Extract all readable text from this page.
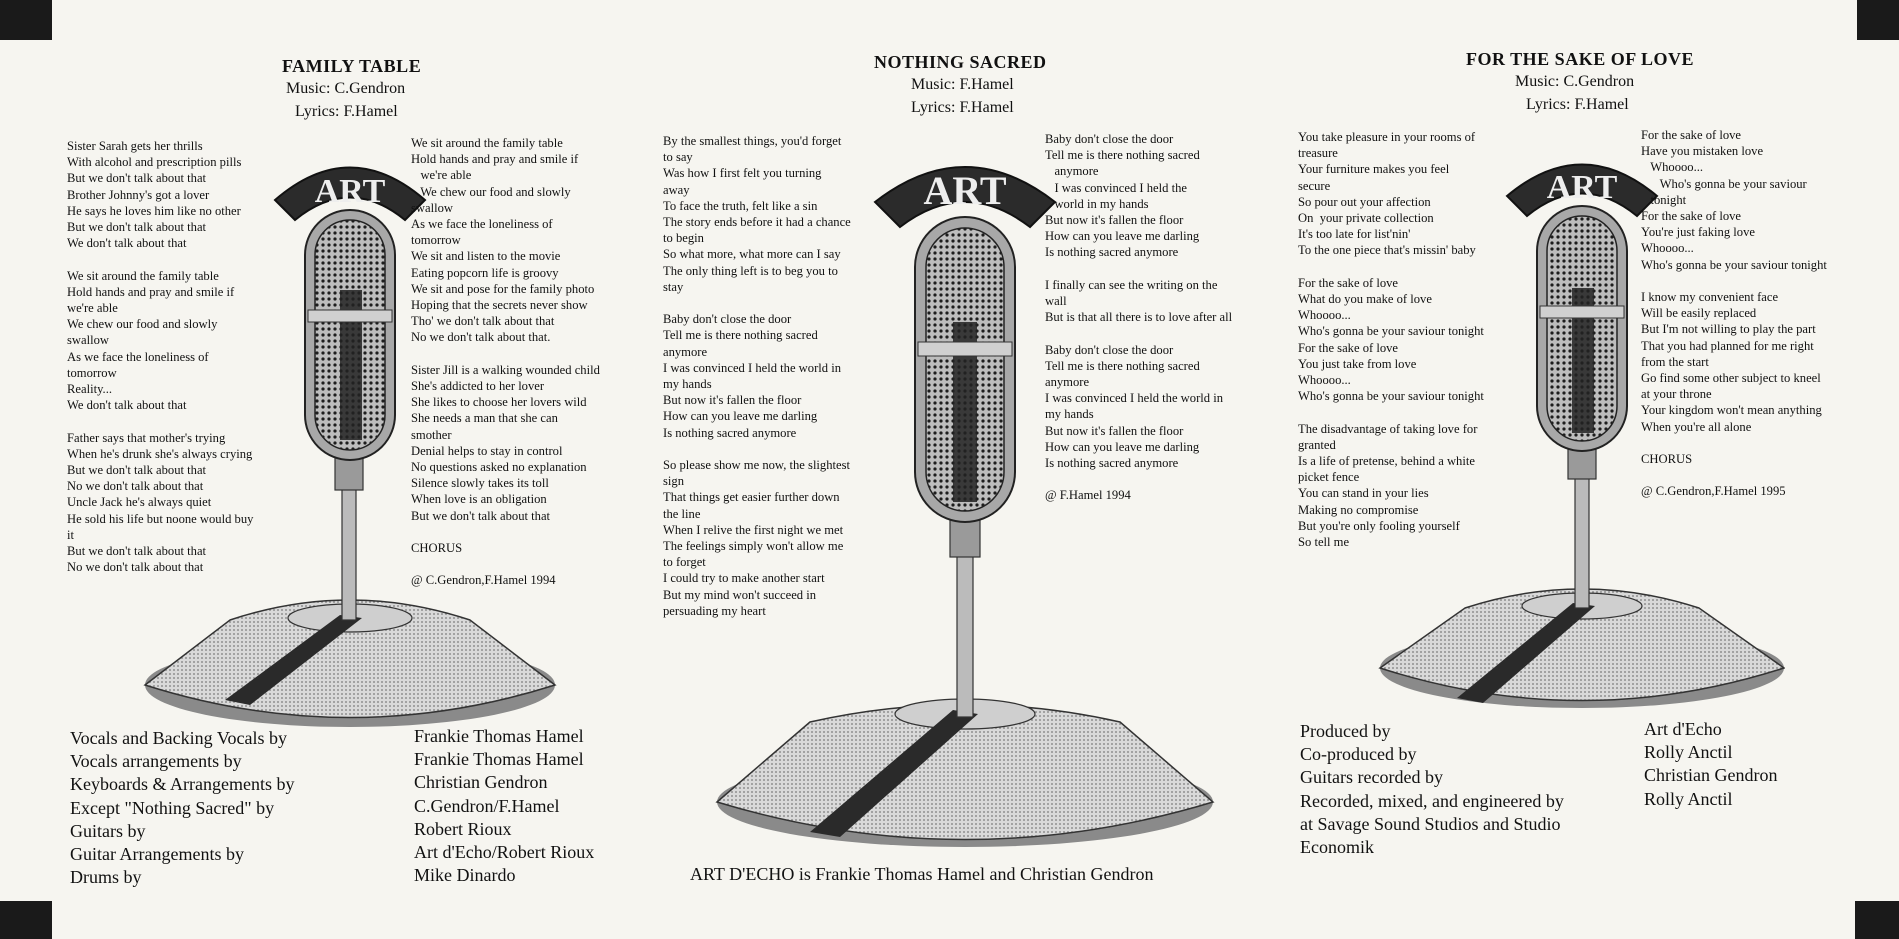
ART	ART	ART
FAMILY TABLE
Music: C.Gendron
Lyrics: F.Hamel
Sister Sarah gets her thrills
With alcohol and prescription pills
But we don't talk about that
Brother Johnny's got a lover
He says he loves him like no other
But we don't talk about that
We don't talk about that

We sit around the family table
Hold hands and pray and smile if
we're able
We chew our food and slowly
swallow
As we face the loneliness of
tomorrow
Reality...
We don't talk about that

Father says that mother's trying
When he's drunk she's always crying
But we don't talk about that
No we don't talk about that
Uncle Jack he's always quiet
He sold his life but noone would buy
it
But we don't talk about that
No we don't talk about that
We sit around the family table
Hold hands and pray and smile if
we're able
We chew our food and slowly
swallow
As we face the loneliness of
tomorrow
We sit and listen to the movie
Eating popcorn life is groovy
We sit and pose for the family photo
Hoping that the secrets never show
Tho' we don't talk about that
No we don't talk about that.

Sister Jill is a walking wounded child
She's addicted to her lover
She likes to choose her lovers wild
She needs a man that she can
smother
Denial helps to stay in control
No questions asked no explanation
Silence slowly takes its toll
When love is an obligation
But we don't talk about that

CHORUS

@ C.Gendron,F.Hamel 1994
NOTHING SACRED
Music: F.Hamel
Lyrics: F.Hamel
By the smallest things, you'd forget
to say
Was how I first felt you turning
away
To face the truth, felt like a sin
The story ends before it had a chance
to begin
So what more, what more can I say
The only thing left is to beg you to
stay

Baby don't close the door
Tell me is there nothing sacred
anymore
I was convinced I held the world in
my hands
But now it's fallen the floor
How can you leave me darling
Is nothing sacred anymore

So please show me now, the slightest
sign
That things get easier further down
the line
When I relive the first night we met
The feelings simply won't allow me
to forget
I could try to make another start
But my mind won't succeed in
persuading my heart
Baby don't close the door
Tell me is there nothing sacred
anymore
I was convinced I held the
world in my hands
But now it's fallen the floor
How can you leave me darling
Is nothing sacred anymore

I finally can see the writing on the
wall
But is that all there is to love after all

Baby don't close the door
Tell me is there nothing sacred
anymore
I was convinced I held the world in
my hands
But now it's fallen the floor
How can you leave me darling
Is nothing sacred anymore

@ F.Hamel 1994
FOR THE SAKE OF LOVE
Music: C.Gendron
Lyrics: F.Hamel
You take pleasure in your rooms of
treasure
Your furniture makes you feel
secure
So pour out your affection
On  your private collection
It's too late for list'nin'
To the one piece that's missin' baby

For the sake of love
What do you make of love
Whoooo...
Who's gonna be your saviour tonight
For the sake of love
You just take from love
Whoooo...
Who's gonna be your saviour tonight

The disadvantage of taking love for
granted
Is a life of pretense, behind a white
picket fence
You can stand in your lies
Making no compromise
But you're only fooling yourself
So tell me
For the sake of love
Have you mistaken love
Whoooo...
Who's gonna be your saviour
tonight
For the sake of love
You're just faking love
Whoooo...
Who's gonna be your saviour tonight

I know my convenient face
Will be easily replaced
But I'm not willing to play the part
That you had planned for me right
from the start
Go find some other subject to kneel
at your throne
Your kingdom won't mean anything
When you're all alone

CHORUS

@ C.Gendron,F.Hamel 1995
Vocals and Backing Vocals by
Vocals arrangements by
Keyboards & Arrangements by
Except "Nothing Sacred" by
Guitars by
Guitar Arrangements by
Drums by
Frankie Thomas Hamel
Frankie Thomas Hamel
Christian Gendron
C.Gendron/F.Hamel
Robert Rioux
Art d'Echo/Robert Rioux
Mike Dinardo
Produced by
Co-produced by
Guitars recorded by
Recorded, mixed, and engineered by
at Savage Sound Studios and Studio
Economik
Art d'Echo
Rolly Anctil
Christian Gendron
Rolly Anctil
ART D'ECHO is Frankie Thomas Hamel and Christian Gendron
